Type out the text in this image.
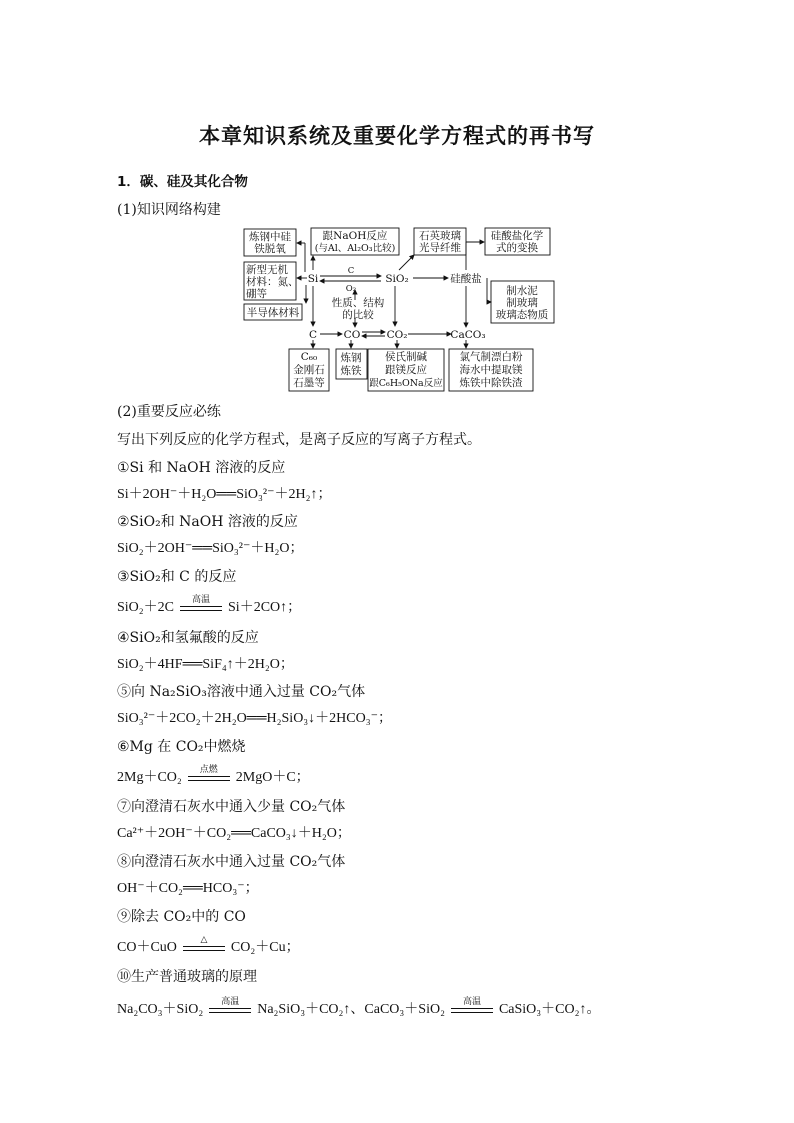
本章知识系统及重要化学方程式的再书写
1．碳、硅及其化合物
(1)知识网络构建
炼钢中硅
铁脱氧
跟NaOH反应
(与Al、Al₂O₃比较)
石英玻璃
光导纤维
硅酸盐化学
式的变换
新型无机
材料：氮、
硼等
半导体材料
制水泥
制玻璃
玻璃态物质
C₆₀
金刚石
石墨等
炼钢
炼铁
侯氏制碱
跟镁反应
跟C₆H₅ONa反应
氯气制漂白粉
海水中提取镁
炼铁中除铁渣
Si	SiO₂	硅酸盐
C	CO CO₂	CaCO₃
C
O₂
性质、结构
的比较
(2)重要反应必练
写出下列反应的化学方程式，是离子反应的写离子方程式。
①Si 和 NaOH 溶液的反应
Si＋2OH⁻＋H₂O══SiO₃²⁻＋2H₂↑；
②SiO₂和 NaOH 溶液的反应
SiO₂＋2OH⁻══SiO₃²⁻＋H₂O；
③SiO₂和 C 的反应
SiO₂＋2C
高温
Si＋2CO↑；
④SiO₂和氢氟酸的反应
SiO₂＋4HF══SiF₄↑＋2H₂O；
⑤向 Na₂SiO₃溶液中通入过量 CO₂气体
SiO₃²⁻＋2CO₂＋2H₂O══H₂SiO₃↓＋2HCO₃⁻；
⑥Mg 在 CO₂中燃烧
2Mg＋CO₂
点燃
2MgO＋C；
⑦向澄清石灰水中通入少量 CO₂气体
Ca²⁺＋2OH⁻＋CO₂══CaCO₃↓＋H₂O；
⑧向澄清石灰水中通入过量 CO₂气体
OH⁻＋CO₂══HCO₃⁻；
⑨除去 CO₂中的 CO
CO＋CuO
△
CO₂＋Cu；
⑩生产普通玻璃的原理
Na₂CO₃＋SiO₂
高温
Na₂SiO₃＋CO₂↑、CaCO₃＋SiO₂
高温
CaSiO₃＋CO₂↑。
